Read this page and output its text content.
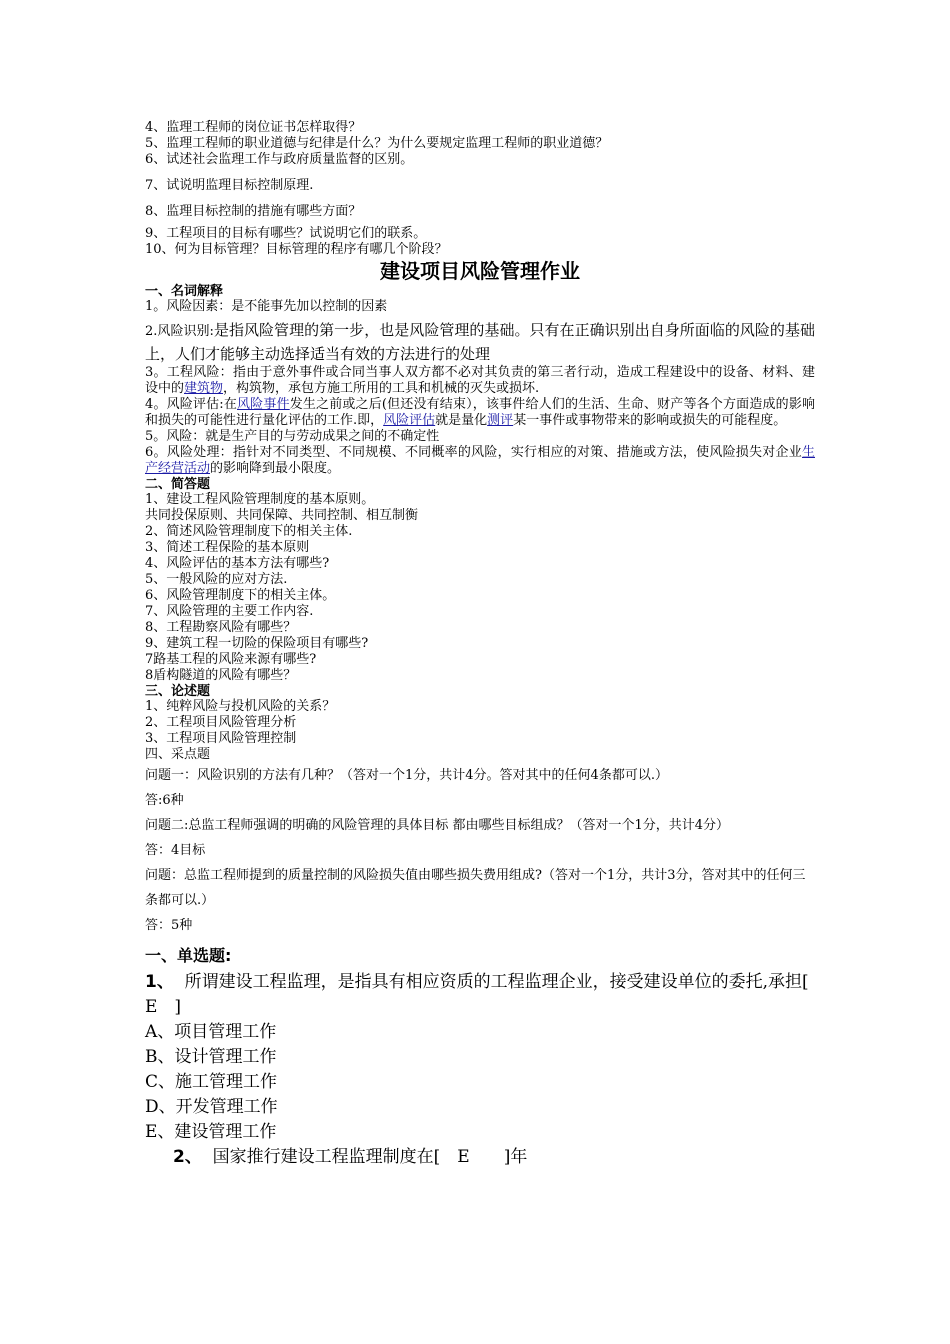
4、监理工程师的岗位证书怎样取得？

5、监理工程师的职业道德与纪律是什么？为什么要规定监理工程师的职业道德？

6、试述社会监理工作与政府质量监督的区别。

7、试说明监理目标控制原理.

8、监理目标控制的措施有哪些方面？

9、工程项目的目标有哪些？试说明它们的联系。

10、何为目标管理？目标管理的程序有哪几个阶段？

建设项目风险管理作业

一、名词解释

1。风险因素：是不能事先加以控制的因素

2.风险识别:是指风险管理的第一步，也是风险管理的基础。只有在正确识别出自身所面临的风险的基础上，人们才能够主动选择适当有效的方法进行的处理

3。工程风险：指由于意外事件或合同当事人双方都不必对其负责的第三者行动，造成工程建设中的设备、材料、建设中的建筑物，构筑物，承包方施工所用的工具和机械的灭失或损坏.

4。风险评估:在风险事件发生之前或之后(但还没有结束），该事件给人们的生活、生命、财产等各个方面造成的影响和损失的可能性进行量化评估的工作.即，风险评估就是量化测评某一事件或事物带来的影响或损失的可能程度。

5。风险：就是生产目的与劳动成果之间的不确定性

6。风险处理：指针对不同类型、不同规模、不同概率的风险，实行相应的对策、措施或方法，使风险损失对企业生产经营活动的影响降到最小限度。

二、简答题

1、建设工程风险管理制度的基本原则。

共同投保原则、共同保障、共同控制、相互制衡

2、简述风险管理制度下的相关主体.

3、简述工程保险的基本原则

4、风险评估的基本方法有哪些?

5、一般风险的应对方法.

6、风险管理制度下的相关主体。

7、风险管理的主要工作内容.

8、工程勘察风险有哪些？

9、建筑工程一切险的保险项目有哪些?

7路基工程的风险来源有哪些?

8盾构隧道的风险有哪些？

三、论述题

1、纯粹风险与投机风险的关系？

2、工程项目风险管理分析

3、工程项目风险管理控制

四、采点题

问题一：风险识别的方法有几种？（答对一个1分，共计4分。答对其中的任何4条都可以.）

答:6种

问题二:总监工程师强调的明确的风险管理的具体目标 都由哪些目标组成？（答对一个1分，共计4分）

答：4目标

问题：总监工程师提到的质量控制的风险损失值由哪些损失费用组成?（答对一个1分，共计3分，答对其中的任何三条都可以.）

答：5种

一、单选题:

1、 所谓建设工程监理，是指具有相应资质的工程监理企业，接受建设单位的委托,承担[　　　E　]

A、项目管理工作

B、设计管理工作

C、施工管理工作

D、开发管理工作

E、建设管理工作

2、 国家推行建设工程监理制度在[　E　　]年
